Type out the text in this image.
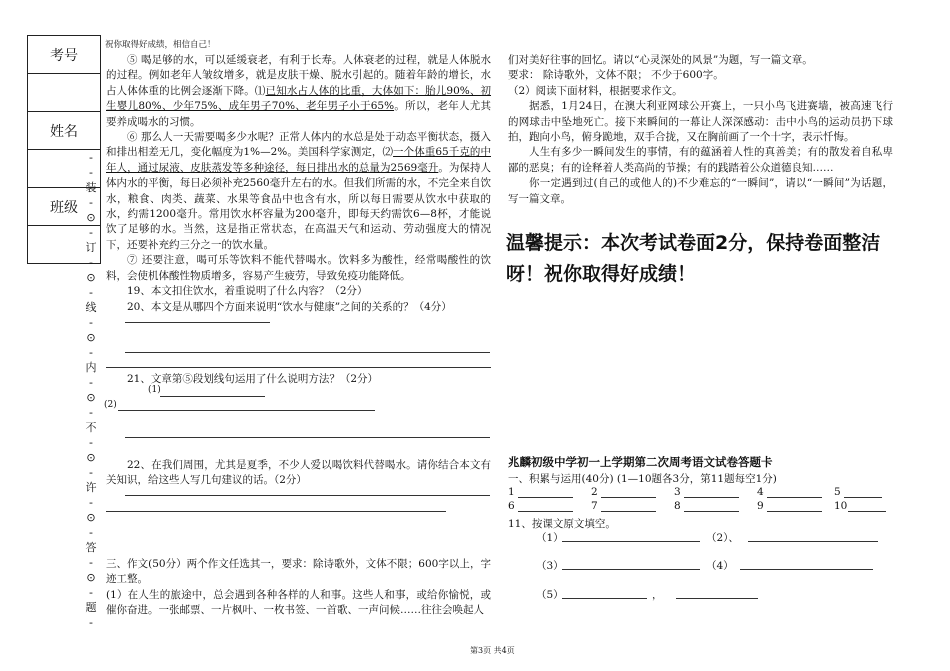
考号
姓名
班级
-
-
装
-
⊙
-
订
-
⊙
-
线
-
⊙
-
内
-
⊙
-
不
-
⊙
-
许
-
⊙
-
答
-
⊙
-
题
-
祝你取得好成绩，相信自己！

⑤ 喝足够的水，可以延缓衰老，有利于长寿。人体衰老的过程，就是人体脱水的过程。例如老年人皱纹增多，就是皮肤干燥、脱水引起的。随着年龄的增长，水占人体体重的比例会逐渐下降。⑴已知水占人体的比重，大体如下：胎儿90%、初生婴儿80%、少年75%、成年男子70%、老年男子小于65%。所以，老年人尤其要养成喝水的习惯。

⑥ 那么人一天需要喝多少水呢？正常人体内的水总是处于动态平衡状态，摄入和排出相差无几，变化幅度为1%—2%。美国科学家测定，⑵一个体重65千克的中年人，通过尿液、皮肤蒸发等多种途径，每日排出水的总量为2569毫升。为保持人体内水的平衡，每日必须补充2560毫升左右的水。但我们所需的水，不完全来自饮水，粮食、肉类、蔬菜、水果等食品中也含有水，所以每日需要从饮水中获取的水，约需1200毫升。常用饮水杯容量为200毫升，即每天约需饮6—8杯，才能说饮了足够的水。当然，这是指正常状态，在高温天气和运动、劳动强度大的情况下，还要补充约三分之一的饮水量。

⑦ 还要注意，喝可乐等饮料不能代替喝水。饮料多为酸性，经常喝酸性的饮料，会使机体酸性物质增多，容易产生疲劳，导致免疫功能降低。

19、本文扣住饮水，着重说明了什么内容？（2分）

20、本文是从哪四个方面来说明“饮水与健康”之间的关系的？（4分）

21、文章第⑤段划线句运用了什么说明方法？（2分）

(1)
(2)

22、在我们周围，尤其是夏季，不少人爱以喝饮料代替喝水。请你结合本文有关知识，给这些人写几句建议的话。（2分）

三、作文(50分）两个作文任选其一，要求：除诗歌外，文体不限；600字以上，字迹工整。

(1）在人生的旅途中，总会遇到各种各样的人和事。这些人和事，或给你愉悦，或催你奋进。一张邮票、一片枫叶、一枚书签、一首歌、一声问候……往往会唤起人

们对美好往事的回忆。请以“心灵深处的风景”为题，写一篇文章。

要求： 除诗歌外，文体不限； 不少于600字。

（2）阅读下面材料，根据要求作文。

据悉，1月24日，在澳大利亚网球公开赛上，一只小鸟飞进赛墙，被高速飞行的网球击中坠地死亡。接下来瞬间的一幕让人深深感动：击中小鸟的运动员扔下球拍，跑向小鸟，俯身跪地，双手合拢，又在胸前画了一个十字，表示忏悔。

人生有多少一瞬间发生的事情，有的蕴涵着人性的真善美；有的散发着自私卑鄙的恶臭；有的诠释着人类高尚的节操；有的践踏着公众道德良知……

你一定遇到过(自己的或他人的)不少难忘的“一瞬间”，请以“一瞬间”为话题，写一篇文章。

温馨提示：本次考试卷面2分，保持卷面整洁呀！祝你取得好成绩！
兆麟初级中学初一上学期第二次周考语文试卷答题卡
一、积累与运用(40分) (1—10题各3分，第11题每空1分)
1	2	3	4	5
6	7	8	9	10
11、按课文原文填空。
（1）	（2）、
（3）	（4）
（5）	，
第3页 共4页
